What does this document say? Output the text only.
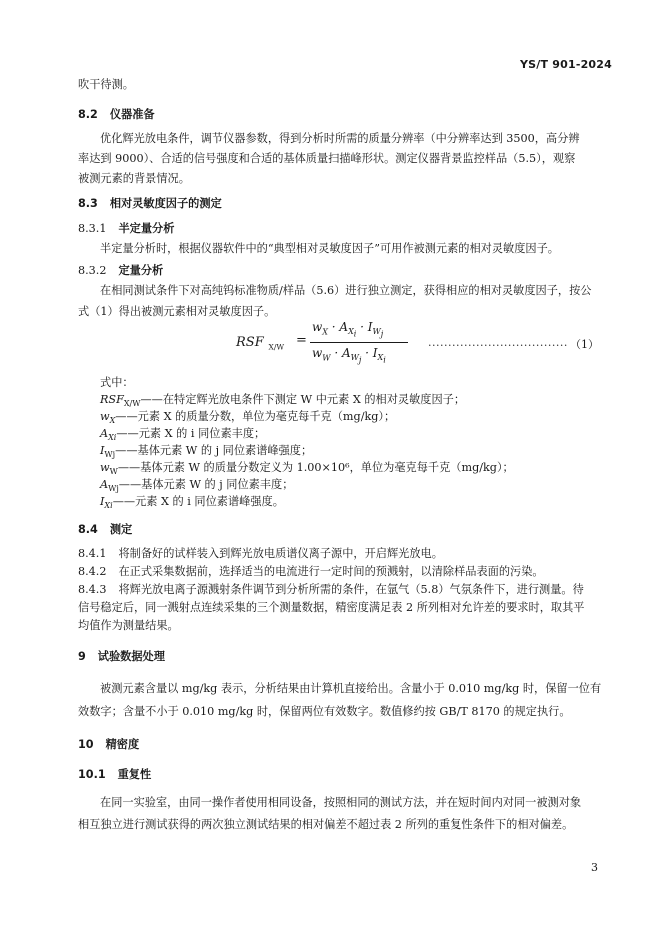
YS/T 901-2024
吹干待测。
8.2 仪器准备
优化辉光放电条件，调节仪器参数，得到分析时所需的质量分辨率（中分辨率达到 3500，高分辨
率达到 9000）、合适的信号强度和合适的基体质量扫描峰形状。测定仪器背景监控样品（5.5），观察
被测元素的背景情况。
8.3 相对灵敏度因子的测定
8.3.1 半定量分析
半定量分析时，根据仪器软件中的“典型相对灵敏度因子”可用作被测元素的相对灵敏度因子。
8.3.2 定量分析
在相同测试条件下对高纯钨标准物质/样品（5.6）进行独立测定，获得相应的相对灵敏度因子，按公
式（1）得出被测元素相对灵敏度因子。
RSF $_{X/W}$ =
$w_X \cdot A_{X_i} \cdot I_{W_j}$
$w_W \cdot A_{W_j} \cdot I_{X_i}$
................................... （1）
式中：
$RSF_{X/W}——$在特定辉光放电条件下测定 W 中元素 X 的相对灵敏度因子；
$w_X——$元素 X 的质量分数，单位为毫克每千克（mg/kg）；
$A_{Xi}——$元素 X 的 i 同位素丰度；
$I_{Wj}——$基体元素 W 的 j 同位素谱峰强度；
$w_W——$基体元素 W 的质量分数定义为 1.00×10⁶，单位为毫克每千克（mg/kg）；
$A_{Wj}——$基体元素 W 的 j 同位素丰度；
$I_{Xi}——$元素 X 的 i 同位素谱峰强度。
8.4 测定
8.4.1 将制备好的试样装入到辉光放电质谱仪离子源中，开启辉光放电。
8.4.2 在正式采集数据前，选择适当的电流进行一定时间的预溅射，以清除样品表面的污染。
8.4.3 将辉光放电离子源溅射条件调节到分析所需的条件，在氩气（5.8）气氛条件下，进行测量。待
信号稳定后，同一溅射点连续采集的三个测量数据，精密度满足表 2 所列相对允许差的要求时，取其平
均值作为测量结果。
9 试验数据处理
被测元素含量以 mg/kg 表示，分析结果由计算机直接给出。含量小于 0.010 mg/kg 时，保留一位有
效数字；含量不小于 0.010 mg/kg 时，保留两位有效数字。数值修约按 GB/T 8170 的规定执行。
10 精密度
10.1 重复性
在同一实验室，由同一操作者使用相同设备，按照相同的测试方法，并在短时间内对同一被测对象
相互独立进行测试获得的两次独立测试结果的相对偏差不超过表 2 所列的重复性条件下的相对偏差。
3
